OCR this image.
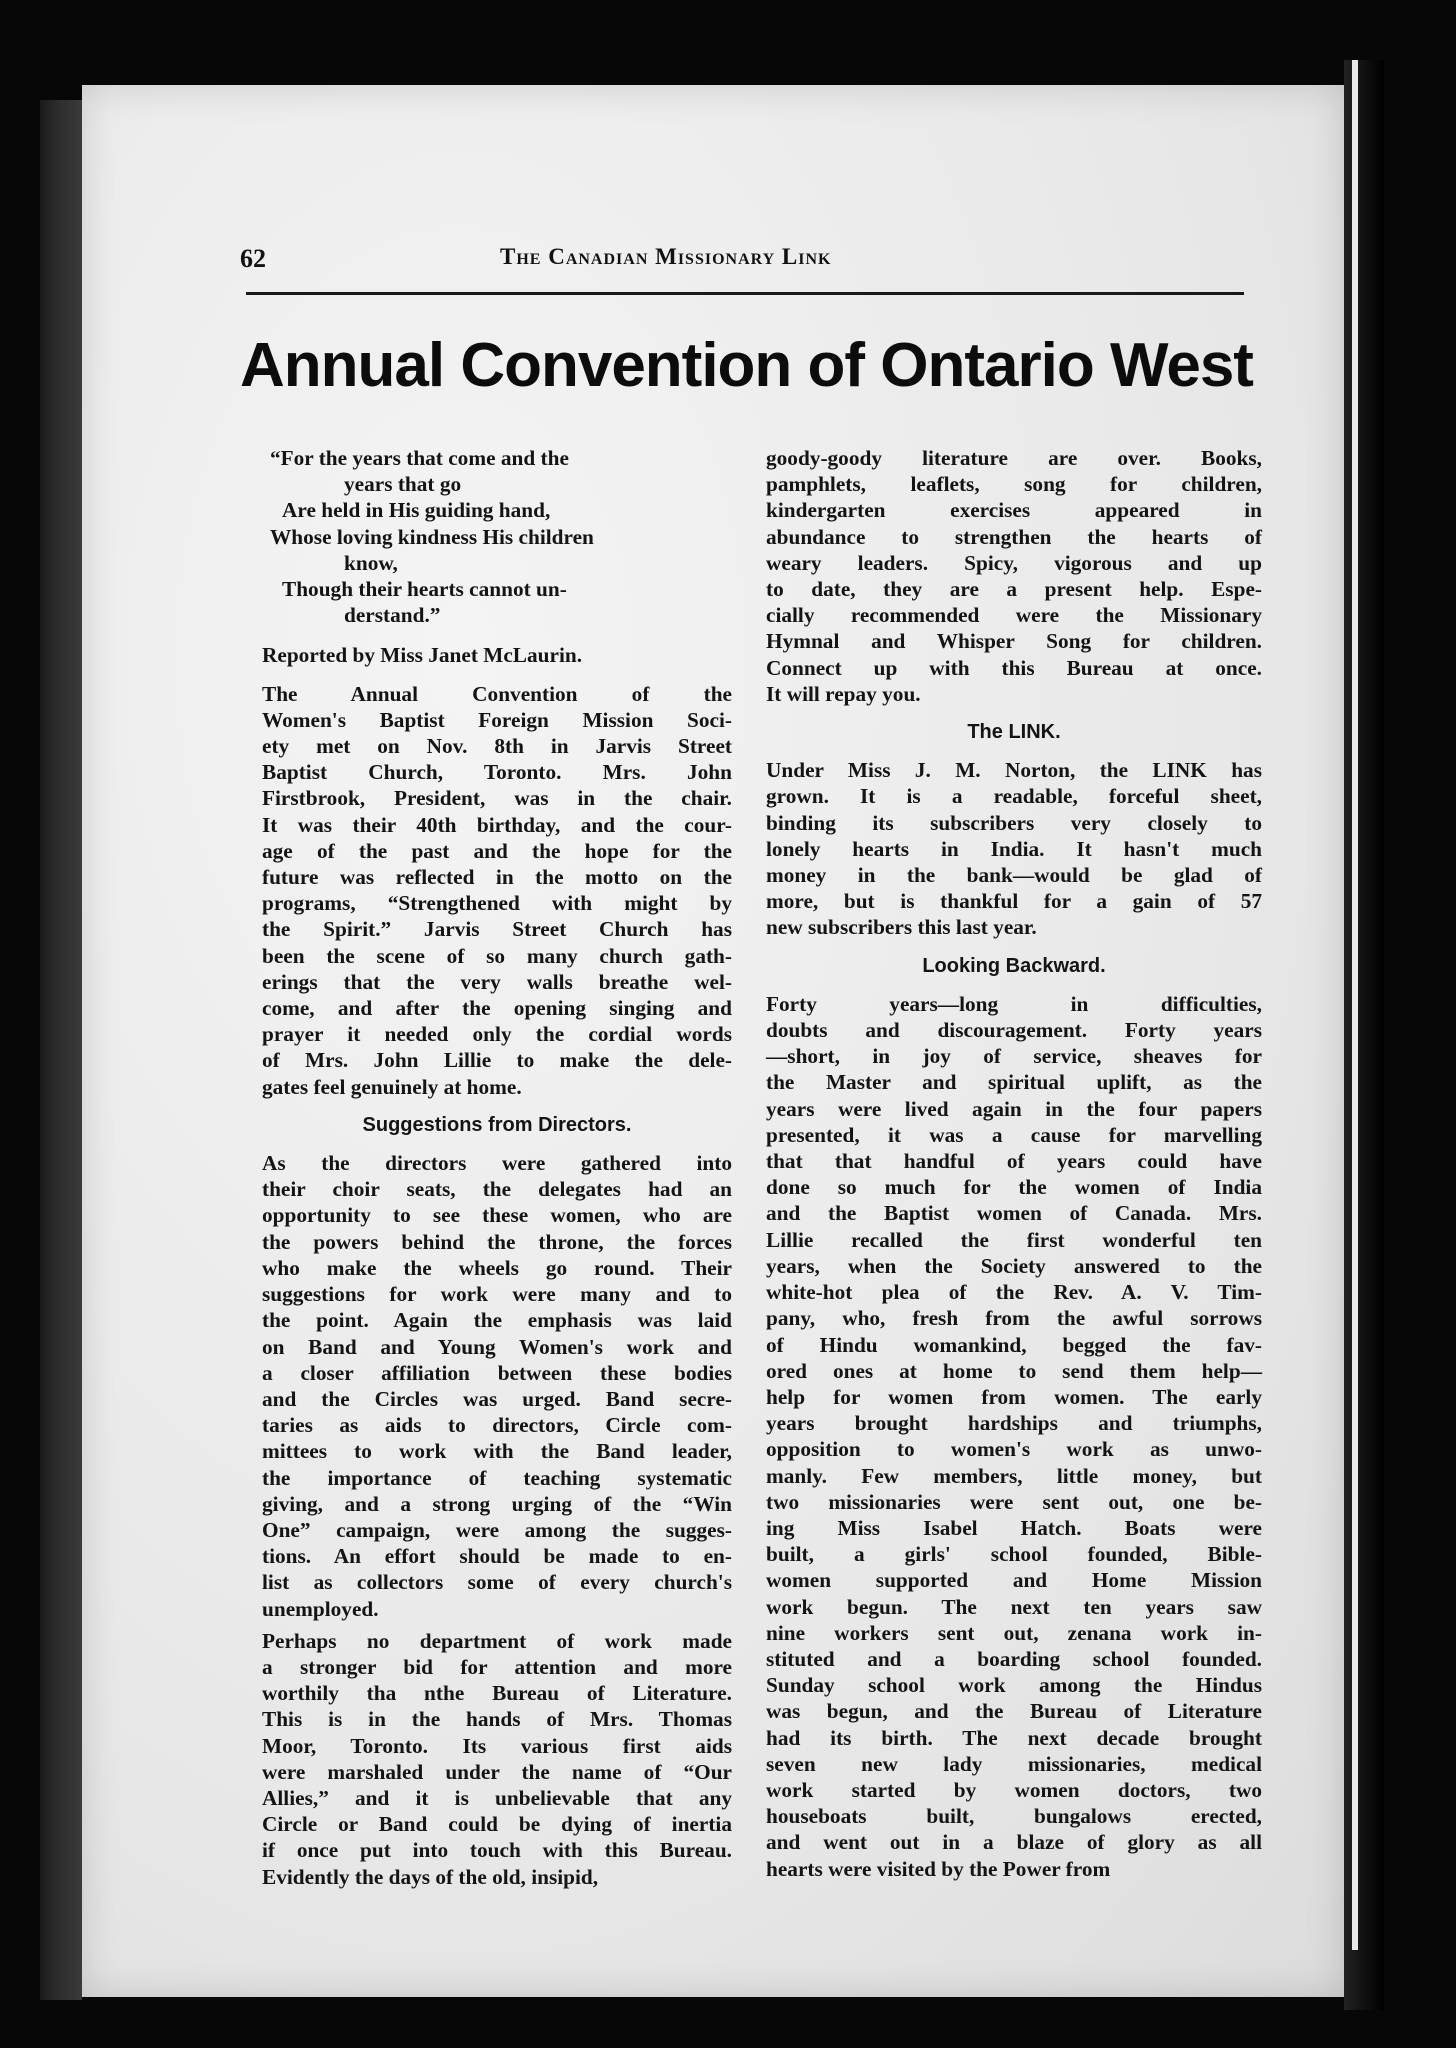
62	The Canadian Missionary Link
Annual Convention of Ontario West
“For the years that come and the
years that go
Are held in His guiding hand,
Whose loving kindness His children
know,
Though their hearts cannot un-
derstand.”
Reported by Miss Janet McLaurin.
The Annual Convention of the
Women's Baptist Foreign Mission Soci-
ety met on Nov. 8th in Jarvis Street
Baptist Church, Toronto. Mrs. John
Firstbrook, President, was in the chair.
It was their 40th birthday, and the cour-
age of the past and the hope for the
future was reflected in the motto on the
programs, “Strengthened with might by
the Spirit.” Jarvis Street Church has
been the scene of so many church gath-
erings that the very walls breathe wel-
come, and after the opening singing and
prayer it needed only the cordial words
of Mrs. John Lillie to make the dele-
gates feel genuinely at home.
Suggestions from Directors.
As the directors were gathered into
their choir seats, the delegates had an
opportunity to see these women, who are
the powers behind the throne, the forces
who make the wheels go round. Their
suggestions for work were many and to
the point. Again the emphasis was laid
on Band and Young Women's work and
a closer affiliation between these bodies
and the Circles was urged. Band secre-
taries as aids to directors, Circle com-
mittees to work with the Band leader,
the importance of teaching systematic
giving, and a strong urging of the “Win
One” campaign, were among the sugges-
tions. An effort should be made to en-
list as collectors some of every church's
unemployed.
Perhaps no department of work made
a stronger bid for attention and more
worthily tha nthe Bureau of Literature.
This is in the hands of Mrs. Thomas
Moor, Toronto. Its various first aids
were marshaled under the name of “Our
Allies,” and it is unbelievable that any
Circle or Band could be dying of inertia
if once put into touch with this Bureau.
Evidently the days of the old, insipid,
goody-goody literature are over. Books,
pamphlets, leaflets, song for children,
kindergarten exercises appeared in
abundance to strengthen the hearts of
weary leaders. Spicy, vigorous and up
to date, they are a present help. Espe-
cially recommended were the Missionary
Hymnal and Whisper Song for children.
Connect up with this Bureau at once.
It will repay you.
The LINK.
Under Miss J. M. Norton, the LINK has
grown. It is a readable, forceful sheet,
binding its subscribers very closely to
lonely hearts in India. It hasn't much
money in the bank—would be glad of
more, but is thankful for a gain of 57
new subscribers this last year.
Looking Backward.
Forty years—long in difficulties,
doubts and discouragement. Forty years
—short, in joy of service, sheaves for
the Master and spiritual uplift, as the
years were lived again in the four papers
presented, it was a cause for marvelling
that that handful of years could have
done so much for the women of India
and the Baptist women of Canada. Mrs.
Lillie recalled the first wonderful ten
years, when the Society answered to the
white-hot plea of the Rev. A. V. Tim-
pany, who, fresh from the awful sorrows
of Hindu womankind, begged the fav-
ored ones at home to send them help—
help for women from women. The early
years brought hardships and triumphs,
opposition to women's work as unwo-
manly. Few members, little money, but
two missionaries were sent out, one be-
ing Miss Isabel Hatch. Boats were
built, a girls' school founded, Bible-
women supported and Home Mission
work begun. The next ten years saw
nine workers sent out, zenana work in-
stituted and a boarding school founded.
Sunday school work among the Hindus
was begun, and the Bureau of Literature
had its birth. The next decade brought
seven new lady missionaries, medical
work started by women doctors, two
houseboats built, bungalows erected,
and went out in a blaze of glory as all
hearts were visited by the Power from
